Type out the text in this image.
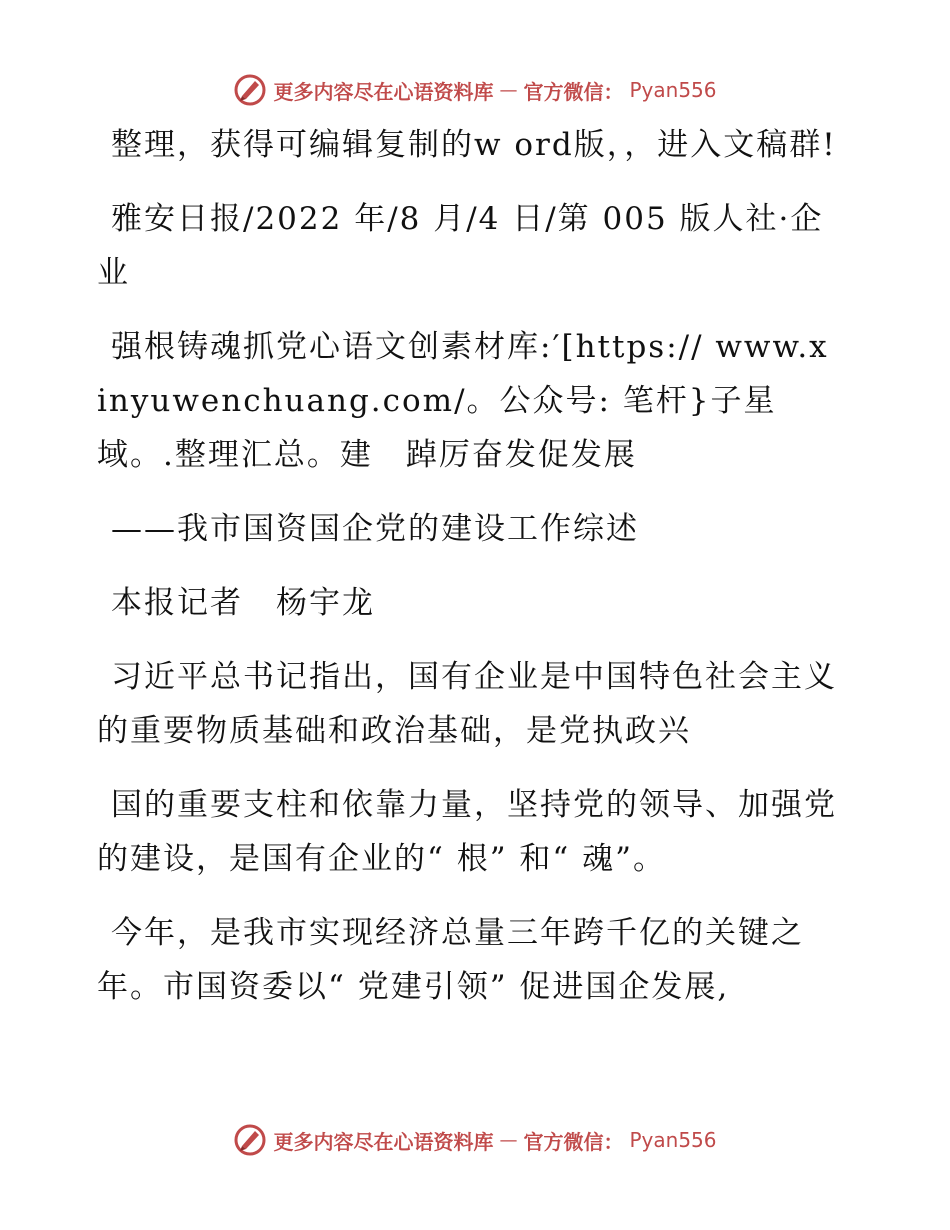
更多内容尽在心语资料库 — 官方微信： Pyan556

整理，获得可编辑复制的w ord版，，进入文稿群!

雅安日报/2022 年/8 月/4 日/第 005 版人社·企业

强根铸魂抓党心语文创素材库:′[https:// www.xinyuwenchuang.com/。公众号: 笔杆}子星域。.整理汇总。建　踔厉奋发促发展

——我市国资国企党的建设工作综述

本报记者　杨宇龙

习近平总书记指出，国有企业是中国特色社会主义的重要物质基础和政治基础，是党执政兴

国的重要支柱和依靠力量，坚持党的领导、加强党的建设，是国有企业的“ 根” 和“ 魂”。

今年，是我市实现经济总量三年跨千亿的关键之年。市国资委以“ 党建引领” 促进国企发展,

更多内容尽在心语资料库 — 官方微信： Pyan556
